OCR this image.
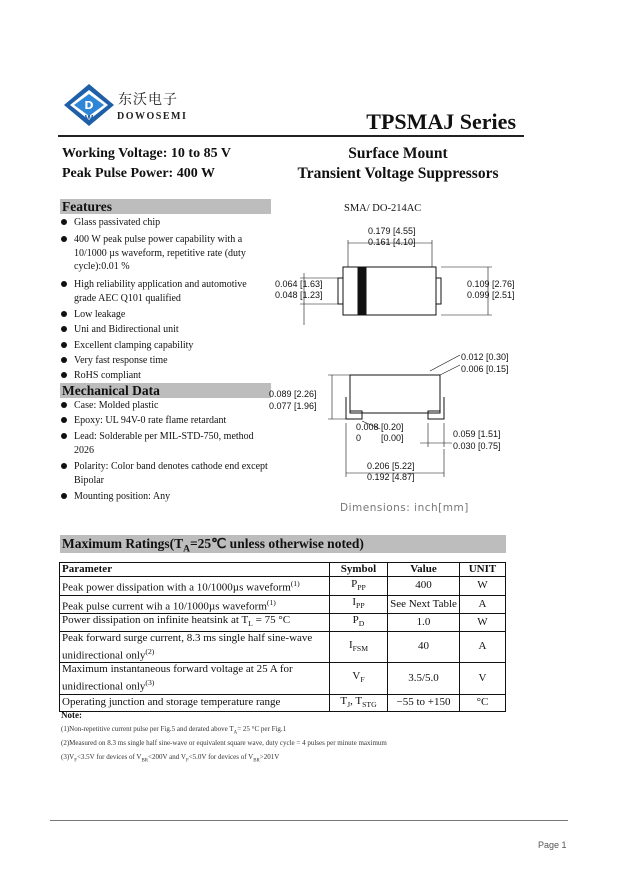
D
W
东沃电子
DOWOSEMI	TPSMAJ Series
Working Voltage: 10 to 85 V
Peak Pulse Power: 400 W
Surface Mount
Transient Voltage Suppressors
Features
Glass passivated chip
400 W peak pulse power capability with a 10/1000 µs waveform, repetitive rate (duty cycle):0.01 %
High reliability application and automotive grade AEC Q101 qualified
Low leakage
Uni and Bidirectional unit
Excellent clamping capability
Very fast response time
RoHS compliant
Mechanical Data
Case: Molded plastic
Epoxy: UL 94V-0 rate flame retardant
Lead: Solderable per MIL-STD-750, method 2026
Polarity: Color band denotes cathode end except Bipolar
Mounting position: Any
SMA/ DO-214AC
0.179 [4.55]
0.161 [4.10]
0.064 [1.63]
0.048 [1.23]
0.109 [2.76]
0.099 [2.51]
0.012 [0.30]
0.006 [0.15]
0.089 [2.26]
0.077 [1.96]
0.008 [0.20]
0        [0.00]	0.059 [1.51]
0.030 [0.75]
0.206 [5.22]
0.192 [4.87]
Dimensions: inch[mm]
Maximum $Ratings(T_A=25℃$ unless otherwise noted)
Parameter	Symbol	Value	UNIT
Peak power dissipation with a 10/1000µs waveform$^{(1)}$	$P_{PP}$	400	W
Peak pulse current wih a 10/1000µs waveform$^{(1)}$	$I_{PP}$	See Next Table	A
Power dissipation on infinite heatsink at $T_L = 75$ °C	$P_D$	1.0	W
Peak forward surge current, 8.3 ms single half sine-wave unidirectional only$^{(2)}$	$I_{FSM}$	40	A
Maximum instantaneous forward voltage at 25 A for unidirectional only$^{(3)}$	$V_F$	3.5/5.0	V
Operating junction and storage temperature range	$T_J$, $T_{STG}$	−55 to +150	°C
Note:
(1)Non-repetitive current pulse per Fig.5 and derated above $T_A= 25$ °C per Fig.1
(2)Measured on 8.3 ms single half sine-wave or equivalent square wave, duty cycle = 4 pulses per minute maximum
$(3)V_F<3.5V$ for devices of $V_{BR}<200V$ and $V_F<5.0V$ for devices of $V_{BR}>201V$
Page 1
